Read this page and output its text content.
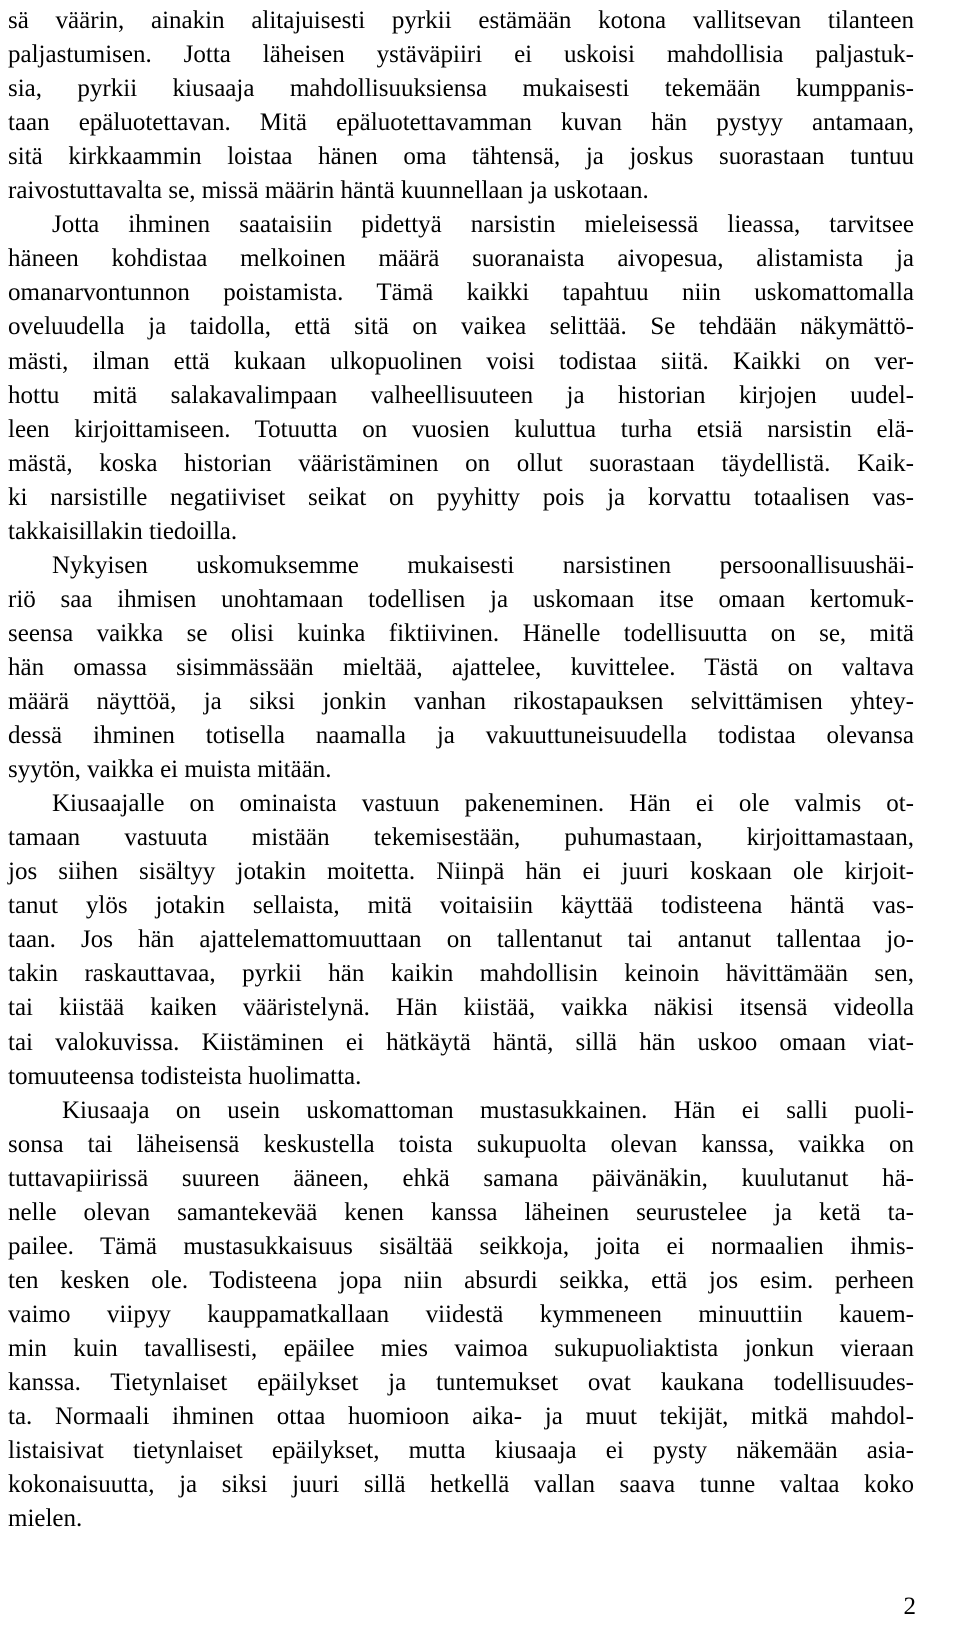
sä väärin, ainakin alitajuisesti pyrkii estämään kotona vallitsevan tilanteen
paljastumisen. Jotta läheisen ystäväpiiri ei uskoisi mahdollisia paljastuk-
sia, pyrkii kiusaaja mahdollisuuksiensa mukaisesti tekemään kumppanis-
taan epäluotettavan. Mitä epäluotettavamman kuvan hän pystyy antamaan,
sitä kirkkaammin loistaa hänen oma tähtensä, ja joskus suorastaan tuntuu
raivostuttavalta se, missä määrin häntä kuunnellaan ja uskotaan.
Jotta ihminen saataisiin pidettyä narsistin mieleisessä lieassa, tarvitsee
häneen kohdistaa melkoinen määrä suoranaista aivopesua, alistamista ja
omanarvontunnon poistamista. Tämä kaikki tapahtuu niin uskomattomalla
oveluudella ja taidolla, että sitä on vaikea selittää. Se tehdään näkymättö-
mästi, ilman että kukaan ulkopuolinen voisi todistaa siitä. Kaikki on ver-
hottu mitä salakavalimpaan valheellisuuteen ja historian kirjojen uudel-
leen kirjoittamiseen. Totuutta on vuosien kuluttua turha etsiä narsistin elä-
mästä, koska historian vääristäminen on ollut suorastaan täydellistä. Kaik-
ki narsistille negatiiviset seikat on pyyhitty pois ja korvattu totaalisen vas-
takkaisillakin tiedoilla.
Nykyisen uskomuksemme mukaisesti narsistinen persoonallisuushäi-
riö saa ihmisen unohtamaan todellisen ja uskomaan itse omaan kertomuk-
seensa vaikka se olisi kuinka fiktiivinen. Hänelle todellisuutta on se, mitä
hän omassa sisimmässään mieltää, ajattelee, kuvittelee. Tästä on valtava
määrä näyttöä, ja siksi jonkin vanhan rikostapauksen selvittämisen yhtey-
dessä ihminen totisella naamalla ja vakuuttuneisuudella todistaa olevansa
syytön, vaikka ei muista mitään.
Kiusaajalle on ominaista vastuun pakeneminen. Hän ei ole valmis ot-
tamaan vastuuta mistään tekemisestään, puhumastaan, kirjoittamastaan,
jos siihen sisältyy jotakin moitetta. Niinpä hän ei juuri koskaan ole kirjoit-
tanut ylös jotakin sellaista, mitä voitaisiin käyttää todisteena häntä vas-
taan. Jos hän ajattelemattomuuttaan on tallentanut tai antanut tallentaa jo-
takin raskauttavaa, pyrkii hän kaikin mahdollisin keinoin hävittämään sen,
tai kiistää kaiken vääristelynä. Hän kiistää, vaikka näkisi itsensä videolla
tai valokuvissa. Kiistäminen ei hätkäytä häntä, sillä hän uskoo omaan viat-
tomuuteensa todisteista huolimatta.
Kiusaaja on usein uskomattoman mustasukkainen. Hän ei salli puoli-
sonsa tai läheisensä keskustella toista sukupuolta olevan kanssa, vaikka on
tuttavapiirissä suureen ääneen, ehkä samana päivänäkin, kuulutanut hä-
nelle olevan samantekevää kenen kanssa läheinen seurustelee ja ketä ta-
pailee. Tämä mustasukkaisuus sisältää seikkoja, joita ei normaalien ihmis-
ten kesken ole. Todisteena jopa niin absurdi seikka, että jos esim. perheen
vaimo viipyy kauppamatkallaan viidestä kymmeneen minuuttiin kauem-
min kuin tavallisesti, epäilee mies vaimoa sukupuoliaktista jonkun vieraan
kanssa. Tietynlaiset epäilykset ja tuntemukset ovat kaukana todellisuudes-
ta. Normaali ihminen ottaa huomioon aika- ja muut tekijät, mitkä mahdol-
listaisivat tietynlaiset epäilykset, mutta kiusaaja ei pysty näkemään asia-
kokonaisuutta, ja siksi juuri sillä hetkellä vallan saava tunne valtaa koko
mielen.
2
